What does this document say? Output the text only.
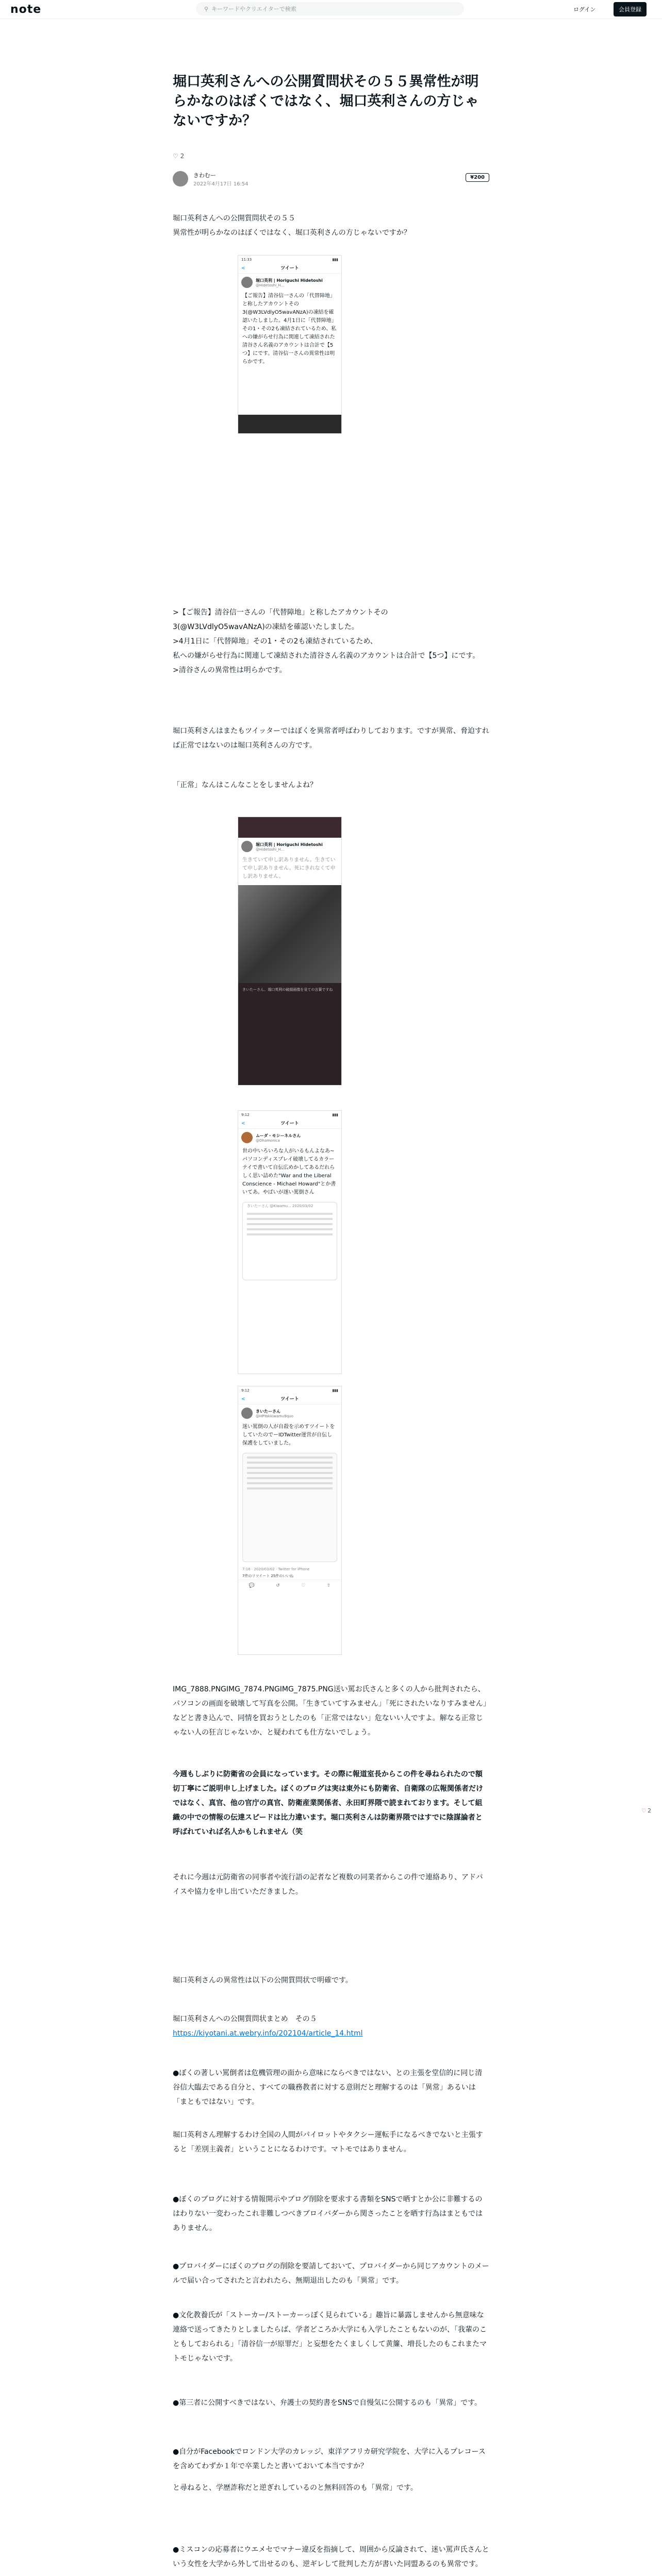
note	⚲ キーワードやクリエイターで検索	ログイン	会員登録
堀口英利さんへの公開質問状その５５異常性が明らかなのはぼくではなく、堀口英利さんの方じゃないですか？
♡ 2
きわむー
2022年4月17日 16:54
¥200
堀口英利さんへの公開質問状その５５
異常性が明らかなのはぼくではなく、堀口英利さんの方じゃないですか？
11:33	▮▮▮
<	ツイート
堀口英利 | Horiguchi Hidetoshi
@Hidetoshi_H...
【ご報告】清谷信一さんの「代替障地」と称したアカウントその3(@W3LVdlyO5wavANzA)の凍結を確認いたしました。4月1日に「代替障地」その1・その2も凍結されているため、私への嫌がらせ行為に関連して凍結された清谷さん名義のアカウントは合計で【5つ】にです。清谷信一さんの異常性は明らかです。
>【ご報告】清谷信一さんの「代替障地」と称したアカウントその
3(@W3LVdlyO5wavANzA)の凍結を確認いたしました。
>4月1日に「代替障地」その1・その2も凍結されているため、
私への嫌がらせ行為に関連して凍結された清谷さん名義のアカウントは合計で【5つ】にです。
>清谷さんの異常性は明らかです。
堀口英利さんはまたもツイッターではぼくを異常者呼ばわりしております。ですが異常、脅迫すれば正常ではないのは堀口英利さんの方です。
「正常」なんはこんなことをしませんよね？
堀口英利 | Horiguchi Hidetoshi
@Hidetoshi_H...
生きていて申し訳ありません。生きていて申し訳ありません。死にきれなくて申し訳ありません。
きいたーさん、堀口英利の破損画像を見ての言葉ですね
9:12	▮▮▮
<	ツイート
ムーダ・モシーネルさん
@Dhamonica
世の中いろいろな人がいるもんよなあ~パソコンディスプレイ破壊してるカラーテイで書いて自伝広めかしてあるだれらしく思い詰めた"War and the Liberal Conscience - Michael Howard"とか書いてあ。やばいが遂い罵倒さん
きいたーさん @Kiwamu... 2020/03/02
9:12	▮▮▮
<	ツイート
きいたーさん
@HPYakkiwamu9quo
迷い罵倒の人が自殺を示めすツイートをしていたのでーIDTwitter運営が自伝し保護をしていました。
7:16 · 2020/03/02 · Twitter for iPhone
7件のリツイート 25件のいいね
💬	↺	♡	⇧
IMG_7888.PNGIMG_7874.PNGIMG_7875.PNG送い罵お氏さんと多くの人から批判されたら、パソコンの画面を破壊して写真を公開。「生きていてすみません」「死にされたいなりすみません」などと書き込んで、同情を買おうとしたのも「正常ではない」危ないい人ですよ。解なる正常じゃない人の狂言じゃないか、と疑われても仕方ないでしょう。
今週もしぶりに防衛省の会員になっています。その際に報道室長からこの件を尋ねられたので額切丁寧にご説明申し上げました。ぼくのブログは実は東外にも防衛省、自衛隊の広報関係者だけではなく、真官、他の官庁の真官、防衛産業関係者、永田町界隈で読まれております。そして組織の中での情報の伝達スピードは比力違います。堀口英利さんは防衛界隈ではすでに陰謀論者と呼ばれていれば名人かもしれません（笑
それに今週は元防衛省の同事者や流行語の記者など複数の同業者からこの件で連絡あり、アドバイスや協力を申し出ていただきました。
堀口英利さんの異常性は以下の公開質問状で明確です。
堀口英利さんへの公開質問状まとめ　その５
https://kiyotani.at.webry.info/202104/article_14.html
●ぼくの著しい罵倒者は危機管理の面から意味にならべきではない、との主張を堂信的に同じ清谷信大臨去である自分と、すべての職務教者に対する意則だと理解するのは「異常」あるいは「まともではない」です。
堀口英利さん理解するわけ全国の人間がパイロットやタクシー運転手になるべきでないと主張すると「差別主義者」ということになるわけです。マトモではありません。
●ぼくのブログに対する情報開示やブログ削除を要求する書類をSNSで晒すとか公に非難するのはわりない一変わったこれ非難しつべきブロイバダーから関さったことを晒す行為はまともではありません。
●プロバイダーにぼくのブログの削除を要請しておいて、プロバイダーから同じアカウントのメールで届い合ってされたと言われたら、無期退出したのも「異常」です。
●文化教養氏が「ストーカー/ストーカーっぽく見られている」趣旨に暴露しませんから無意味な連絡で送ってきたりとしましたらば、学者どころか大学にも入学したこともないのが、「我輩のこともしておられる」「清谷信一が原罪だ」と妄想をたくましくして黄簾、増長したのもこれまたマトモじゃないです。
●第三者に公開すべきではない、弁護士の契約書をSNSで自慢気に公開するのも「異常」です。
●自分がFacebookでロンドン大学のカレッジ、東洋アフリカ研究学院を、大学に入るプレコースを含めてわずか１年で卒業したと書いておいて本当ですか？
と尋ねると、学歴詐称だと逆ぎれしているのと無料回答のも「異常」です。
●ミスコンの応募者にウエメセでマナー違反を指摘して、周囲から反論されて、迷い罵声氏さんという女性を大学から外して出せるのも、逆ギレして批判した方が書いた同盟あるのも異常です。
♡ 2
